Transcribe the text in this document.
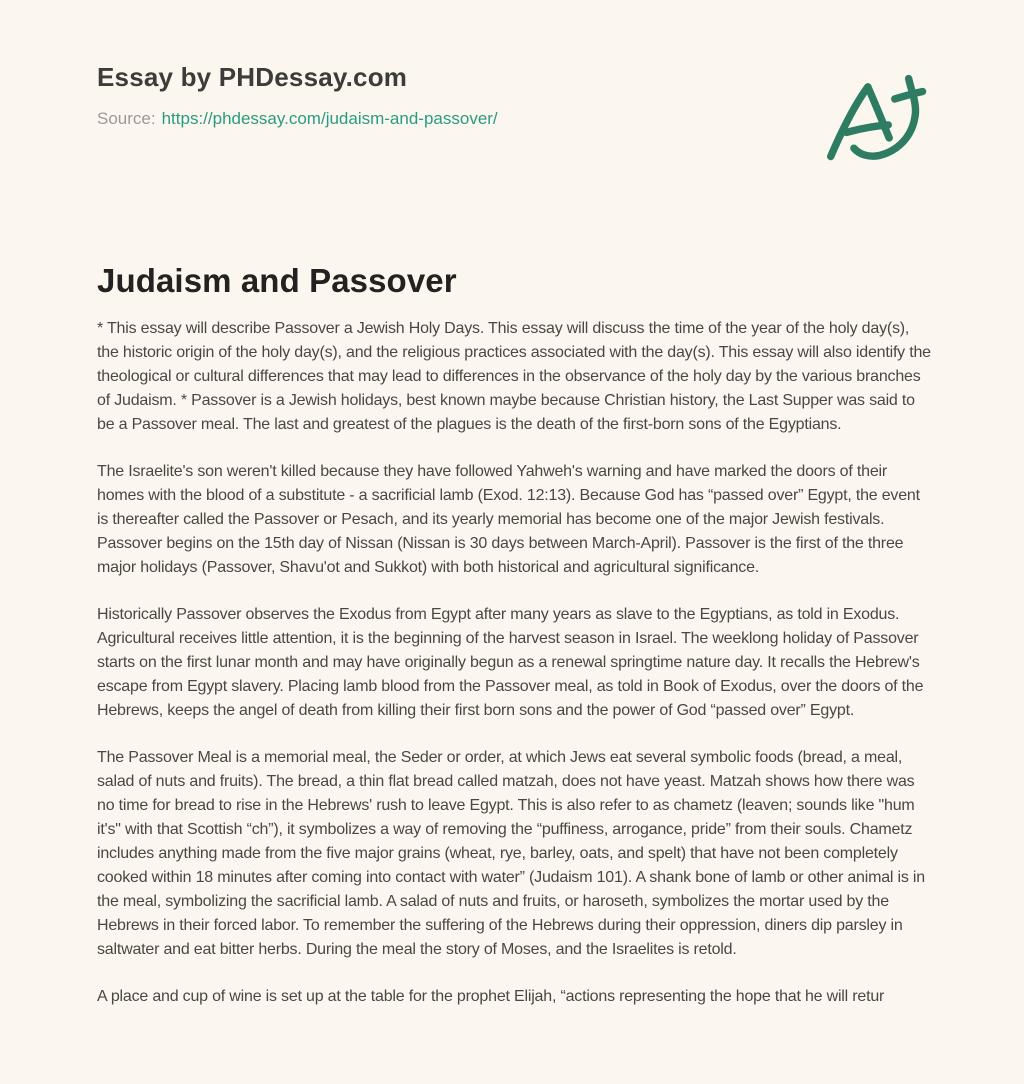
Essay by PHDessay.com
Source: https://phdessay.com/judaism-and-passover/
Judaism and Passover

* This essay will describe Passover a Jewish Holy Days. This essay will discuss the time of the year of the holy day(s), the historic origin of the holy day(s), and the religious practices associated with the day(s). This essay will also identify the theological or cultural differences that may lead to differences in the observance of the holy day by the various branches of Judaism. * Passover is a Jewish holidays, best known maybe because Christian history, the Last Supper was said to be a Passover meal. The last and greatest of the plagues is the death of the first-born sons of the Egyptians.

The Israelite's son weren't killed because they have followed Yahweh's warning and have marked the doors of their homes with the blood of a substitute - a sacrificial lamb (Exod. 12:13). Because God has “passed over” Egypt, the event is thereafter called the Passover or Pesach, and its yearly memorial has become one of the major Jewish festivals. Passover begins on the 15th day of Nissan (Nissan is 30 days between March-April). Passover is the first of the three major holidays (Passover, Shavu'ot and Sukkot) with both historical and agricultural significance.

Historically Passover observes the Exodus from Egypt after many years as slave to the Egyptians, as told in Exodus. Agricultural receives little attention, it is the beginning of the harvest season in Israel. The weeklong holiday of Passover starts on the first lunar month and may have originally begun as a renewal springtime nature day. It recalls the Hebrew's escape from Egypt slavery. Placing lamb blood from the Passover meal, as told in Book of Exodus, over the doors of the Hebrews, keeps the angel of death from killing their first born sons and the power of God “passed over” Egypt.

The Passover Meal is a memorial meal, the Seder or order, at which Jews eat several symbolic foods (bread, a meal, salad of nuts and fruits). The bread, a thin flat bread called matzah, does not have yeast. Matzah shows how there was no time for bread to rise in the Hebrews' rush to leave Egypt. This is also refer to as chametz (leaven; sounds like "hum it's" with that Scottish “ch”), it symbolizes a way of removing the “puffiness, arrogance, pride” from their souls. Chametz includes anything made from the five major grains (wheat, rye, barley, oats, and spelt) that have not been completely cooked within 18 minutes after coming into contact with water” (Judaism 101). A shank bone of lamb or other animal is in the meal, symbolizing the sacrificial lamb. A salad of nuts and fruits, or haroseth, symbolizes the mortar used by the Hebrews in their forced labor. To remember the suffering of the Hebrews during their oppression, diners dip parsley in saltwater and eat bitter herbs. During the meal the story of Moses, and the Israelites is retold.

A place and cup of wine is set up at the table for the prophet Elijah, “actions representing the hope that he will retur
